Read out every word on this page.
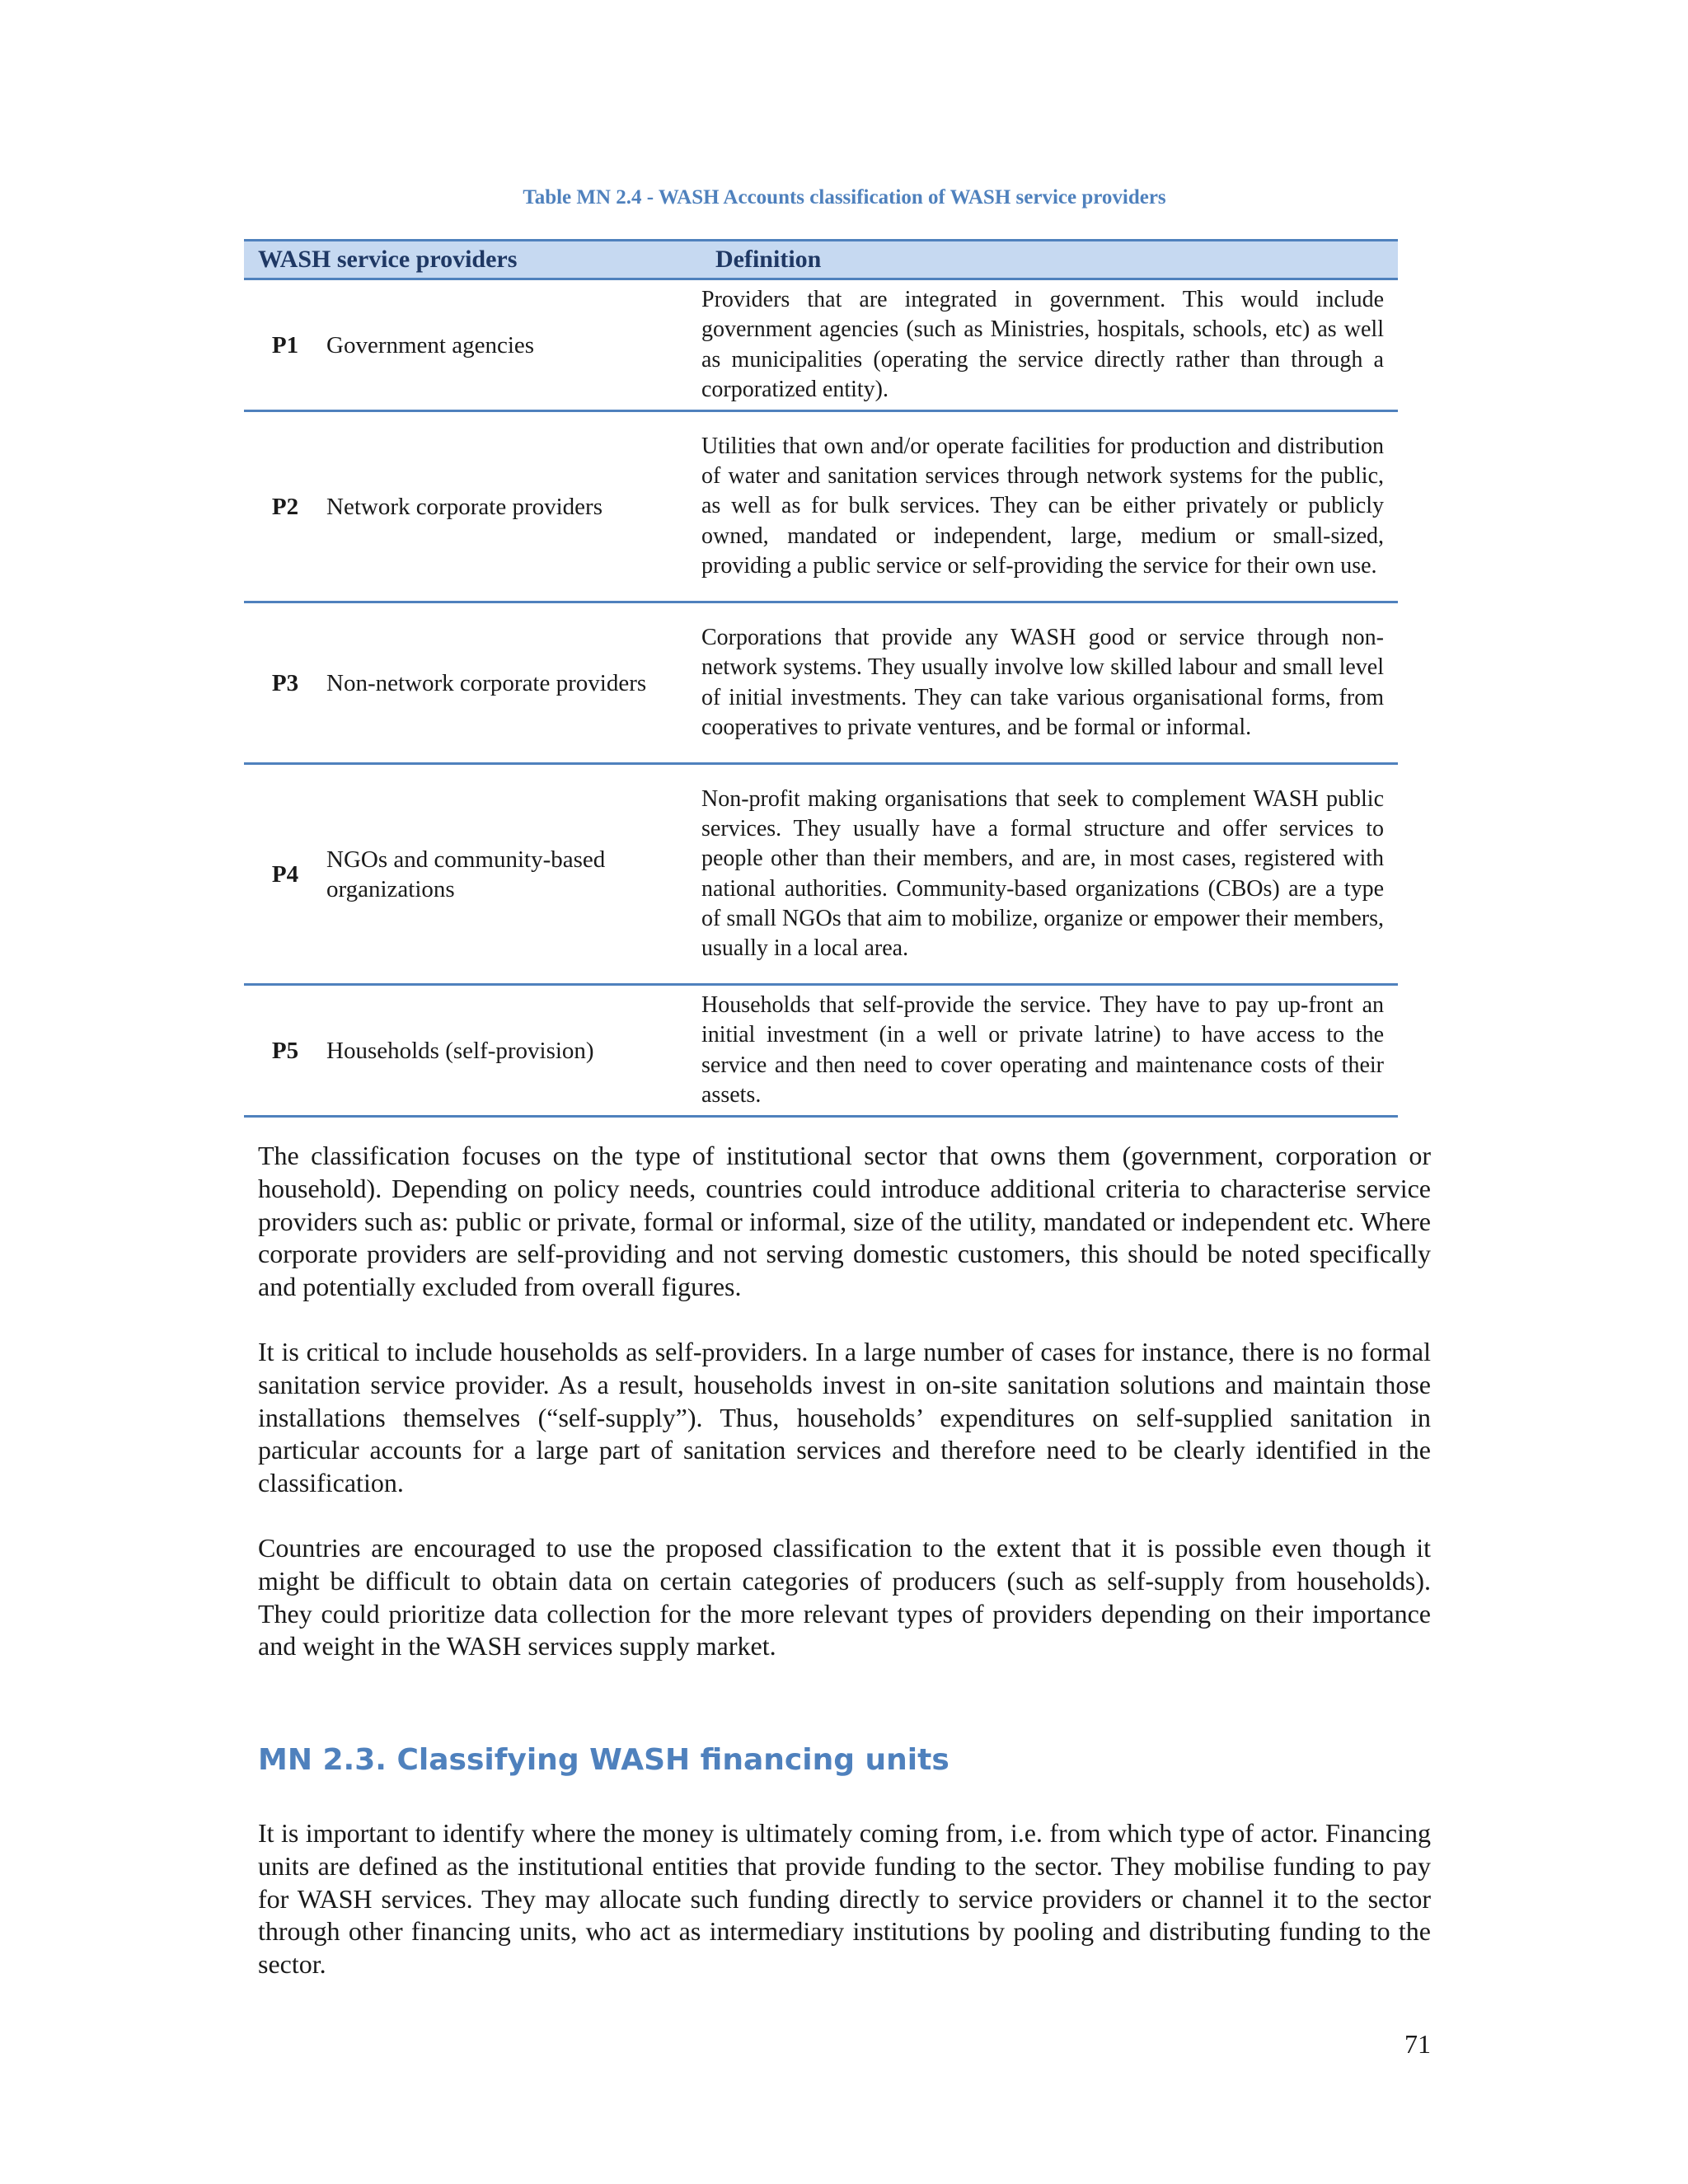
Table MN 2.4 - WASH Accounts classification of WASH service providers
WASH service providers		Definition
P1	Government agencies	Providers that are integrated in government. This would include government agencies (such as Ministries, hospitals, schools, etc) as well as municipalities (operating the service directly rather than through a corporatized entity).
P2	Network corporate providers	Utilities that own and/or operate facilities for production and distribution of water and sanitation services through network systems for the public, as well as for bulk services. They can be either privately or publicly owned, mandated or independent, large, medium or small-sized, providing a public service or self-providing the service for their own use.
P3	Non-network corporate providers	Corporations that provide any WASH good or service through non-network systems. They usually involve low skilled labour and small level of initial investments. They can take various organisational forms, from cooperatives to private ventures, and be formal or informal.
P4	NGOs and community-based organizations	Non-profit making organisations that seek to complement WASH public services. They usually have a formal structure and offer services to people other than their members, and are, in most cases, registered with national authorities. Community-based organizations (CBOs) are a type of small NGOs that aim to mobilize, organize or empower their members, usually in a local area.
P5	Households (self-provision)	Households that self-provide the service. They have to pay up-front an initial investment (in a well or private latrine) to have access to the service and then need to cover operating and maintenance costs of their assets.

The classification focuses on the type of institutional sector that owns them (government, corporation or household). Depending on policy needs, countries could introduce additional criteria to characterise service providers such as: public or private, formal or informal, size of the utility, mandated or independent etc. Where corporate providers are self-providing and not serving domestic customers, this should be noted specifically and potentially excluded from overall figures.

It is critical to include households as self-providers. In a large number of cases for instance, there is no formal sanitation service provider. As a result, households invest in on-site sanitation solutions and maintain those installations themselves (“self-supply”). Thus, households’ expenditures on self-supplied sanitation in particular accounts for a large part of sanitation services and therefore need to be clearly identified in the classification.

Countries are encouraged to use the proposed classification to the extent that it is possible even though it might be difficult to obtain data on certain categories of producers (such as self-supply from households). They could prioritize data collection for the more relevant types of providers depending on their importance and weight in the WASH services supply market.

MN 2.3. Classifying WASH financing units

It is important to identify where the money is ultimately coming from, i.e. from which type of actor. Financing units are defined as the institutional entities that provide funding to the sector. They mobilise funding to pay for WASH services. They may allocate such funding directly to service providers or channel it to the sector through other financing units, who act as intermediary institutions by pooling and distributing funding to the sector.

71
